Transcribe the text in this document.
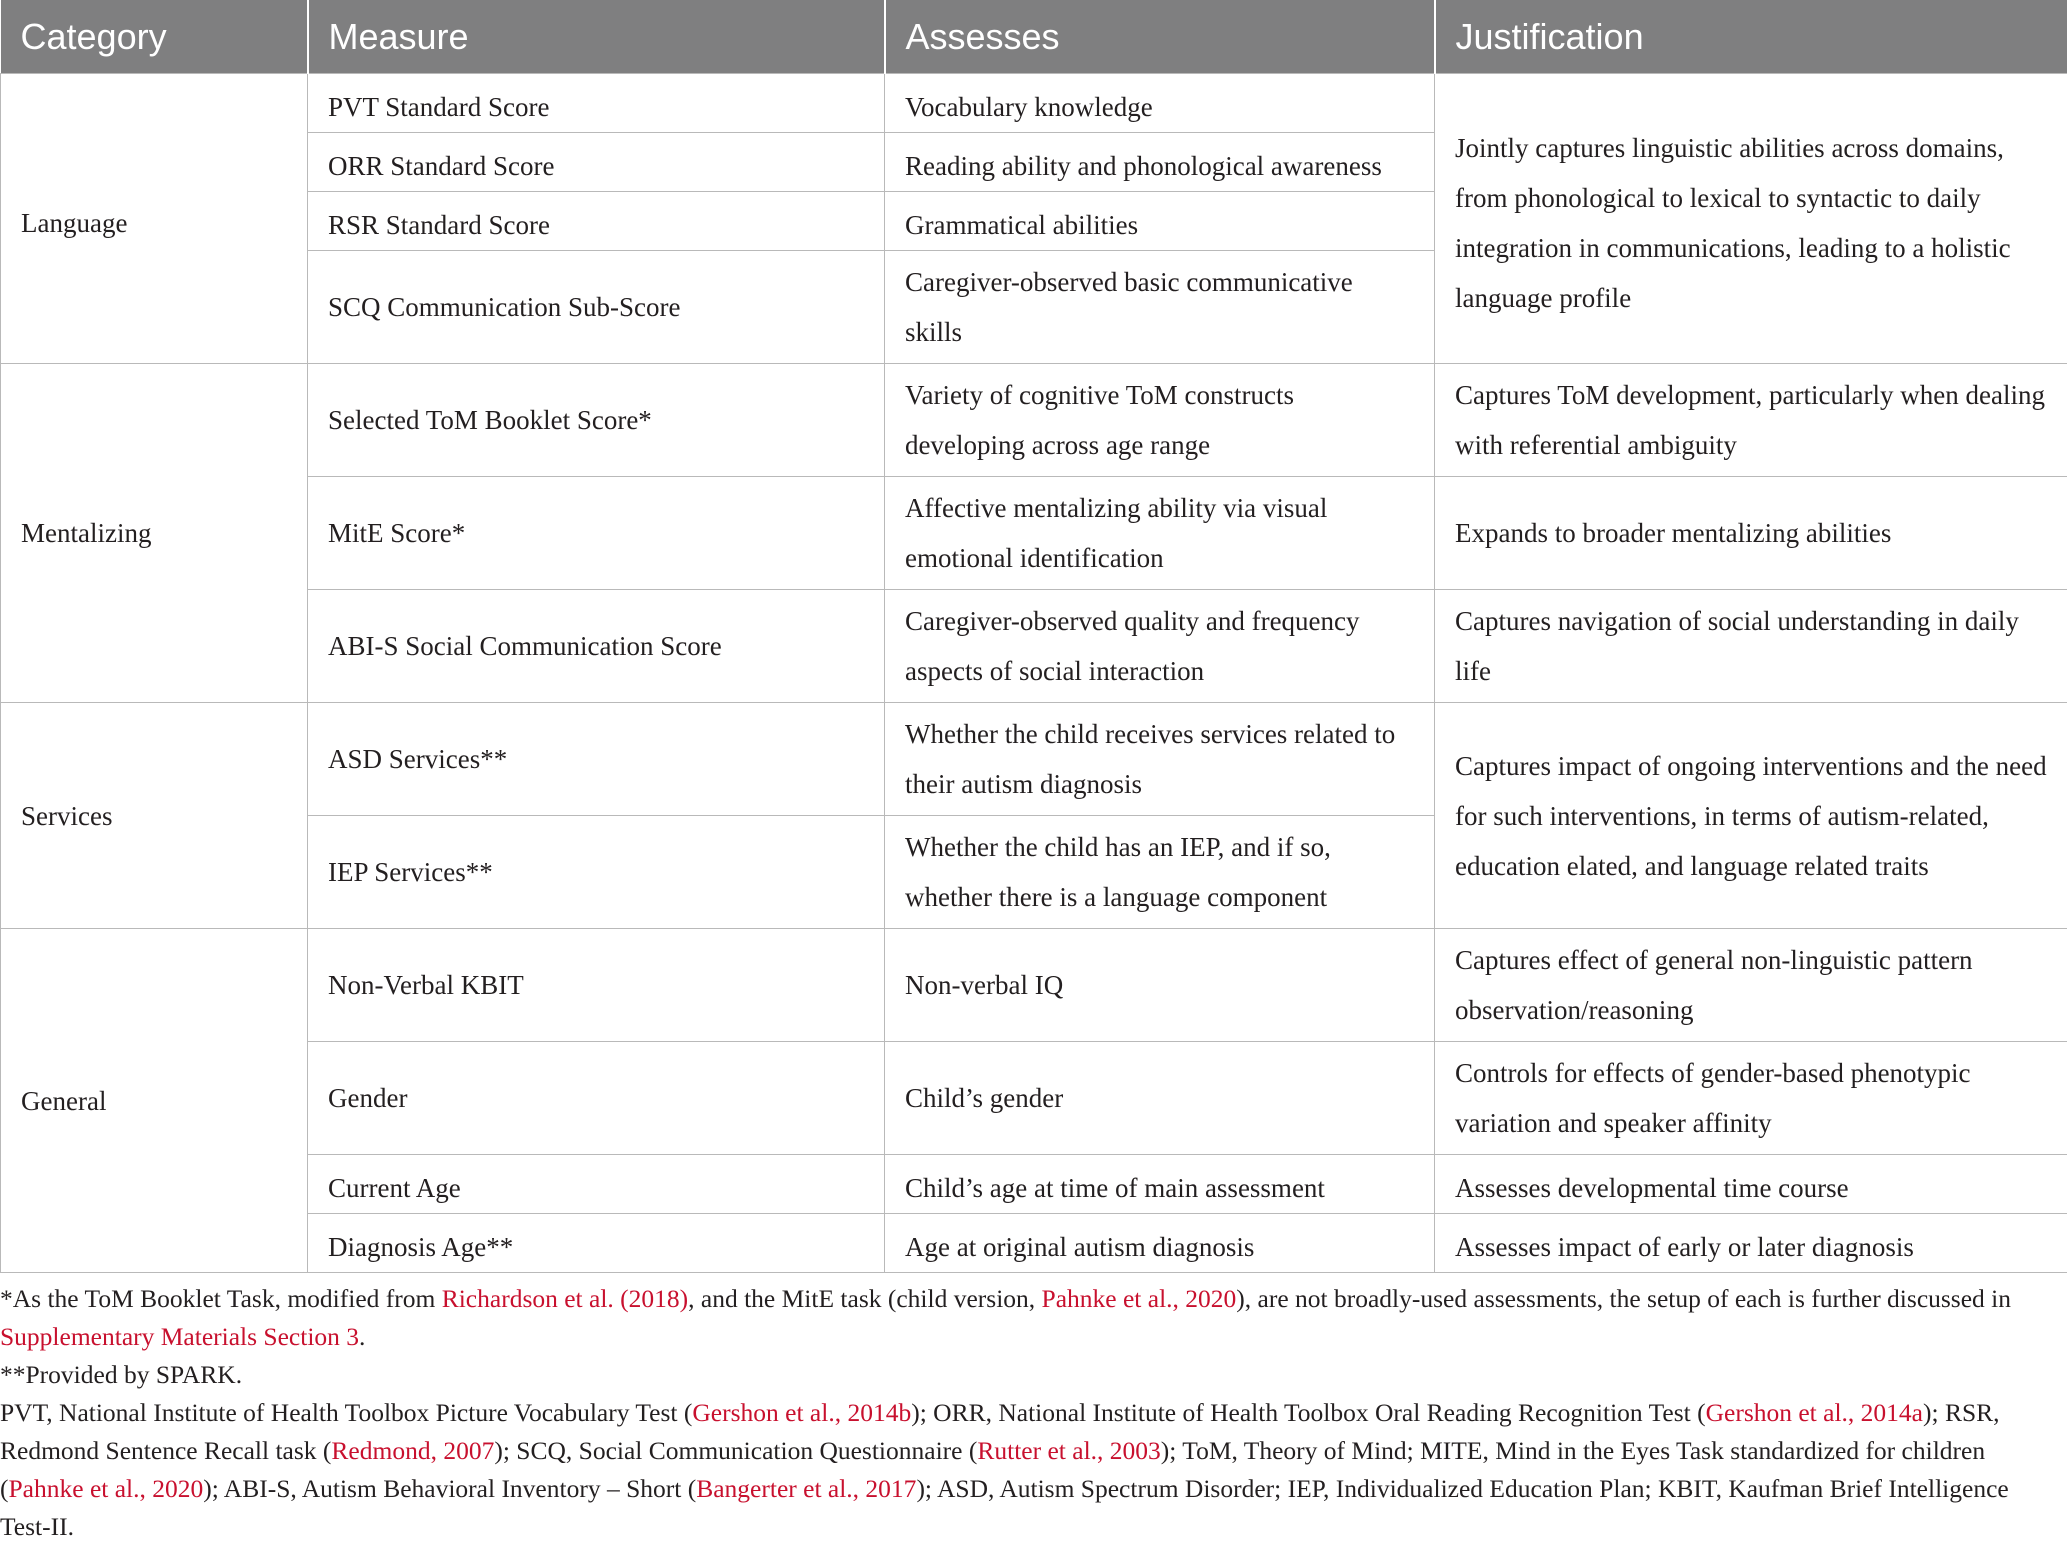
Category	Measure	Assesses	Justification
Language	PVT Standard Score	Vocabulary knowledge	Jointly captures linguistic abilities across domains, from phonological to lexical to syntactic to daily integration in communications, leading to a holistic language profile
	ORR Standard Score	Reading ability and phonological awareness	
	RSR Standard Score	Grammatical abilities	
	SCQ Communication Sub-Score	Caregiver-observed basic communicative skills	
Mentalizing	Selected ToM Booklet Score*	Variety of cognitive ToM constructs developing across age range	Captures ToM development, particularly when dealing with referential ambiguity
	MitE Score*	Affective mentalizing ability via visual emotional identification	Expands to broader mentalizing abilities
	ABI-S Social Communication Score	Caregiver-observed quality and frequency aspects of social interaction	Captures navigation of social understanding in daily life
Services	ASD Services**	Whether the child receives services related to their autism diagnosis	Captures impact of ongoing interventions and the need for such interventions, in terms of autism-related, education elated, and language related traits
	IEP Services**	Whether the child has an IEP, and if so, whether there is a language component	
General	Non-Verbal KBIT	Non-verbal IQ	Captures effect of general non-linguistic pattern observation/reasoning
	Gender	Child’s gender	Controls for effects of gender-based phenotypic variation and speaker affinity
	Current Age	Child’s age at time of main assessment	Assesses developmental time course
	Diagnosis Age**	Age at original autism diagnosis	Assesses impact of early or later diagnosis

*As the ToM Booklet Task, modified from Richardson et al. (2018), and the MitE task (child version, Pahnke et al., 2020), are not broadly-used assessments, the setup of each is further discussed in Supplementary Materials Section 3.

**Provided by SPARK.

PVT, National Institute of Health Toolbox Picture Vocabulary Test (Gershon et al., 2014b); ORR, National Institute of Health Toolbox Oral Reading Recognition Test (Gershon et al., 2014a); RSR, Redmond Sentence Recall task (Redmond, 2007); SCQ, Social Communication Questionnaire (Rutter et al., 2003); ToM, Theory of Mind; MITE, Mind in the Eyes Task standardized for children (Pahnke et al., 2020); ABI-S, Autism Behavioral Inventory – Short (Bangerter et al., 2017); ASD, Autism Spectrum Disorder; IEP, Individualized Education Plan; KBIT, Kaufman Brief Intelligence Test-II.
